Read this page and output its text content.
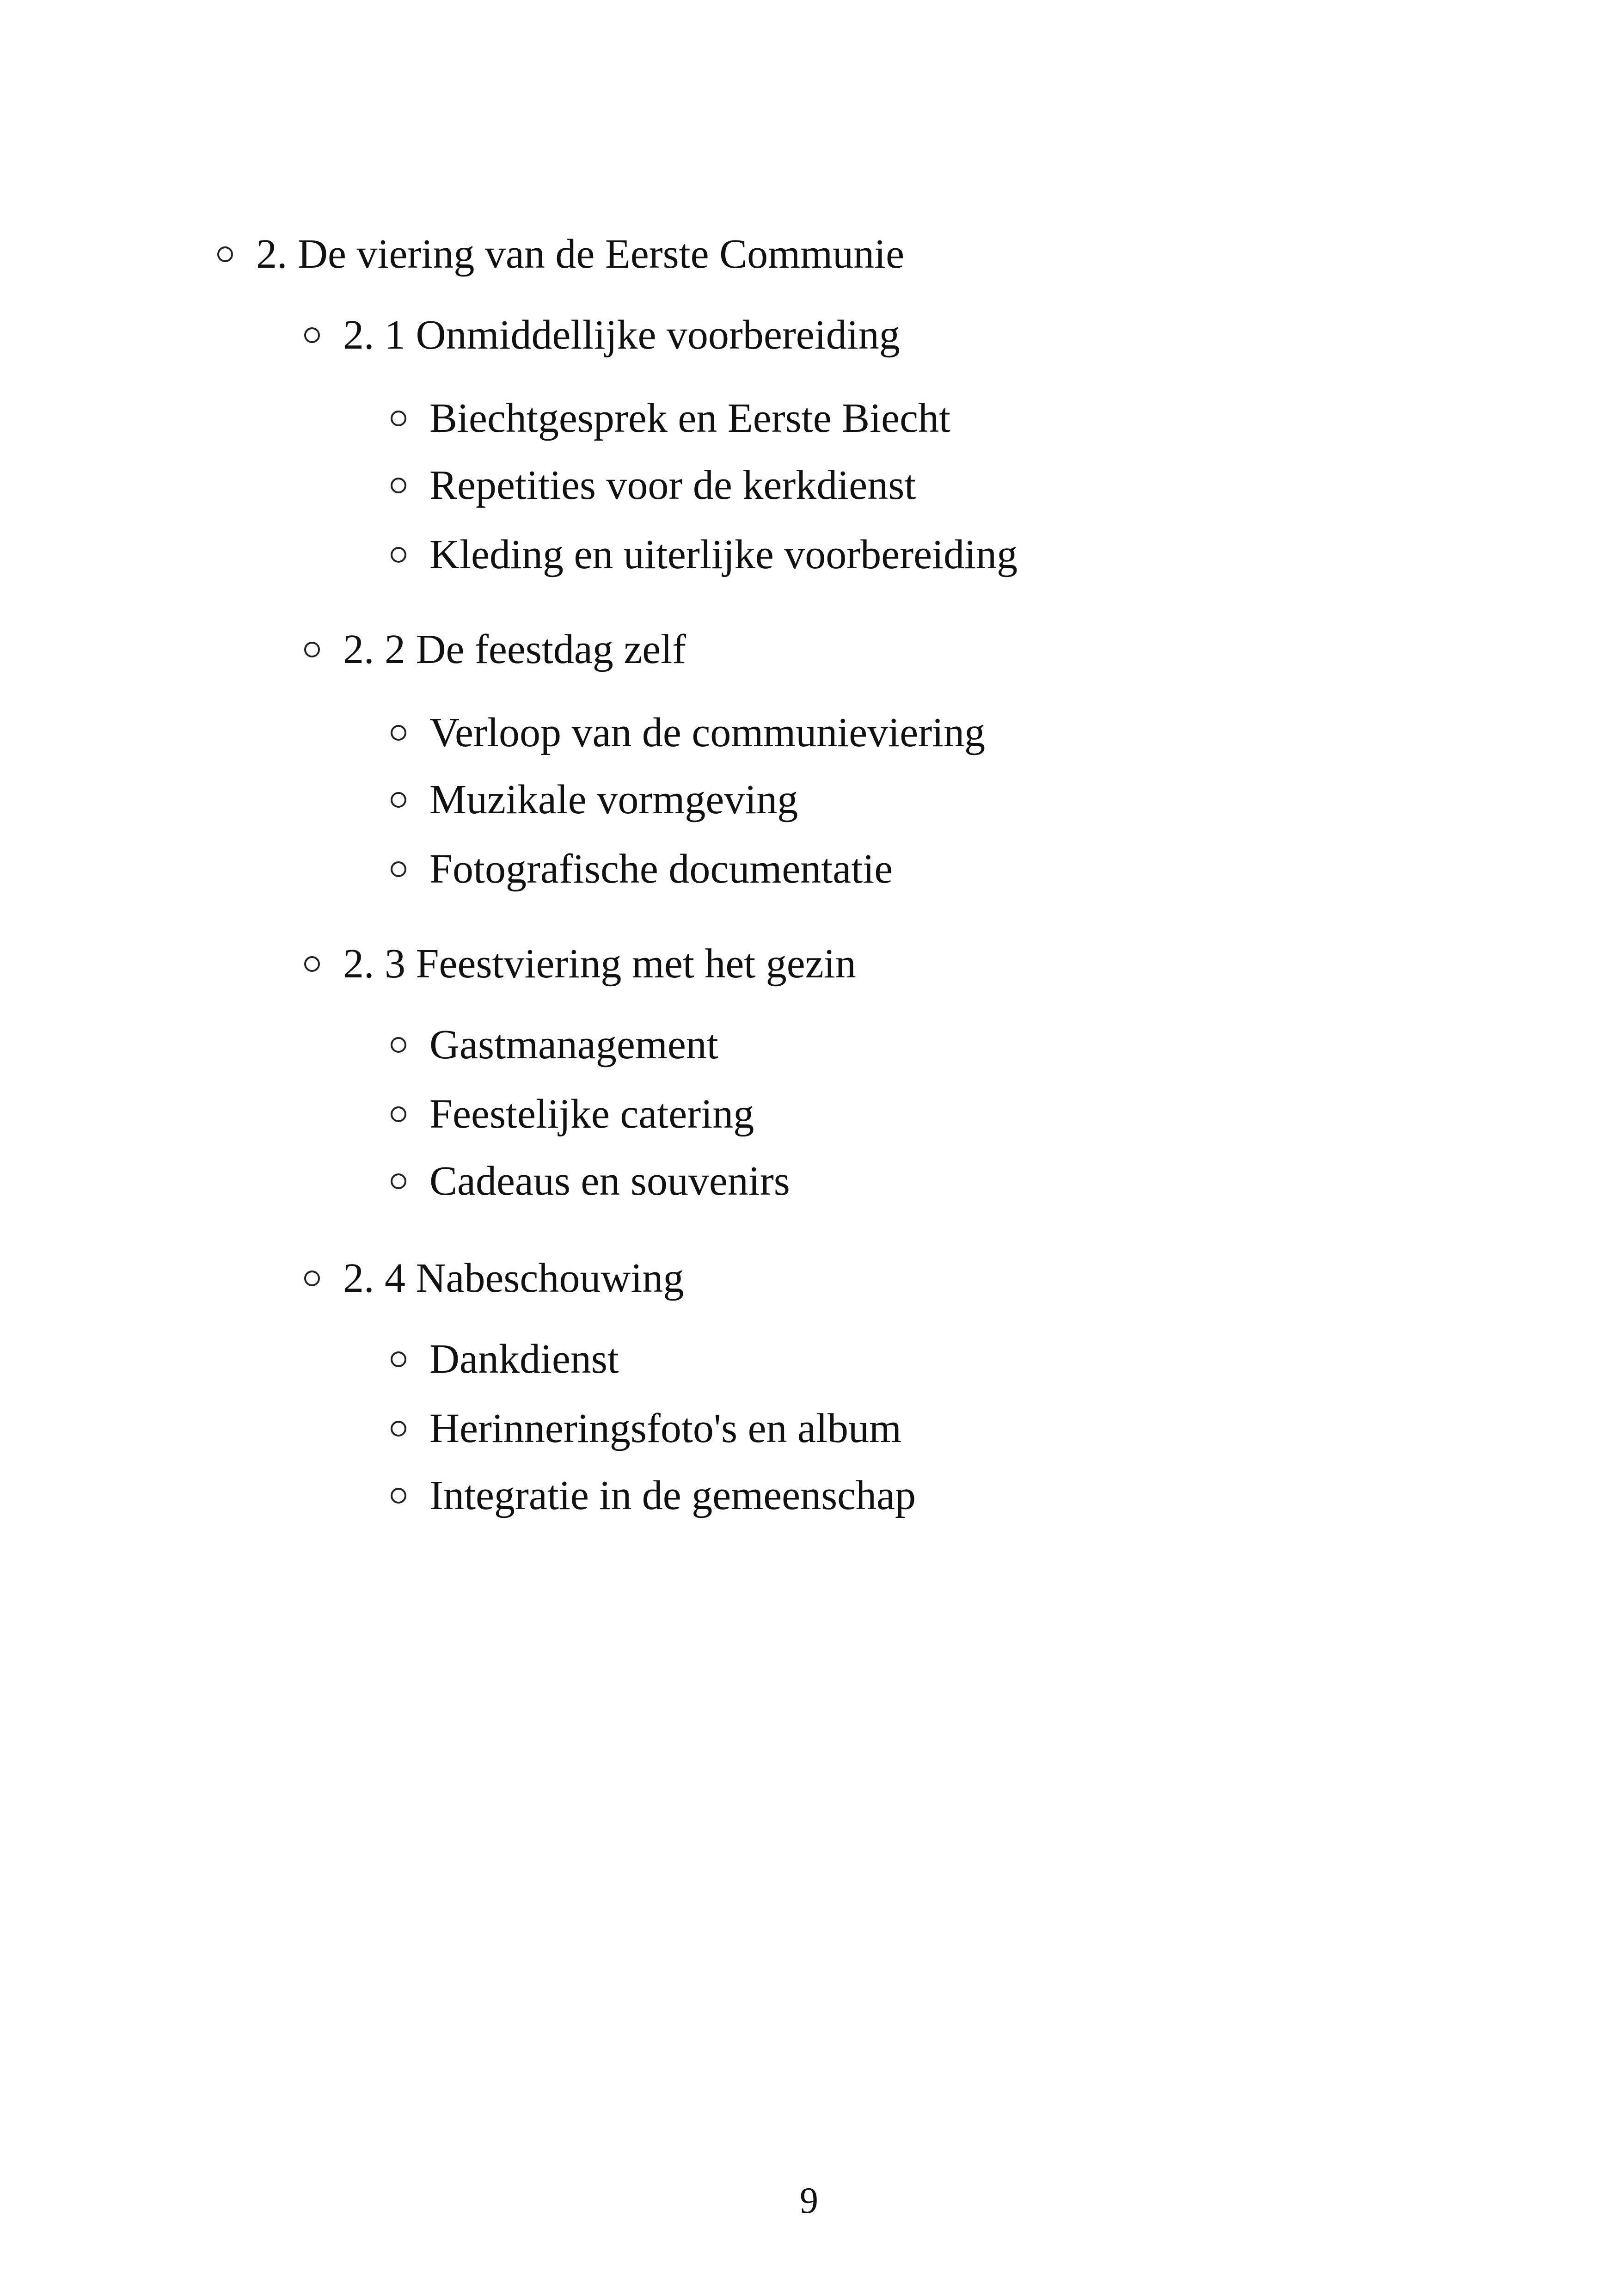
2. De viering van de Eerste Communie
2. 1 Onmiddellijke voorbereiding
Biechtgesprek en Eerste Biecht
Repetities voor de kerkdienst
Kleding en uiterlijke voorbereiding
2. 2 De feestdag zelf
Verloop van de communieviering
Muzikale vormgeving
Fotografische documentatie
2. 3 Feestviering met het gezin
Gastmanagement
Feestelijke catering
Cadeaus en souvenirs
2. 4 Nabeschouwing
Dankdienst
Herinneringsfoto's en album
Integratie in de gemeenschap
9
